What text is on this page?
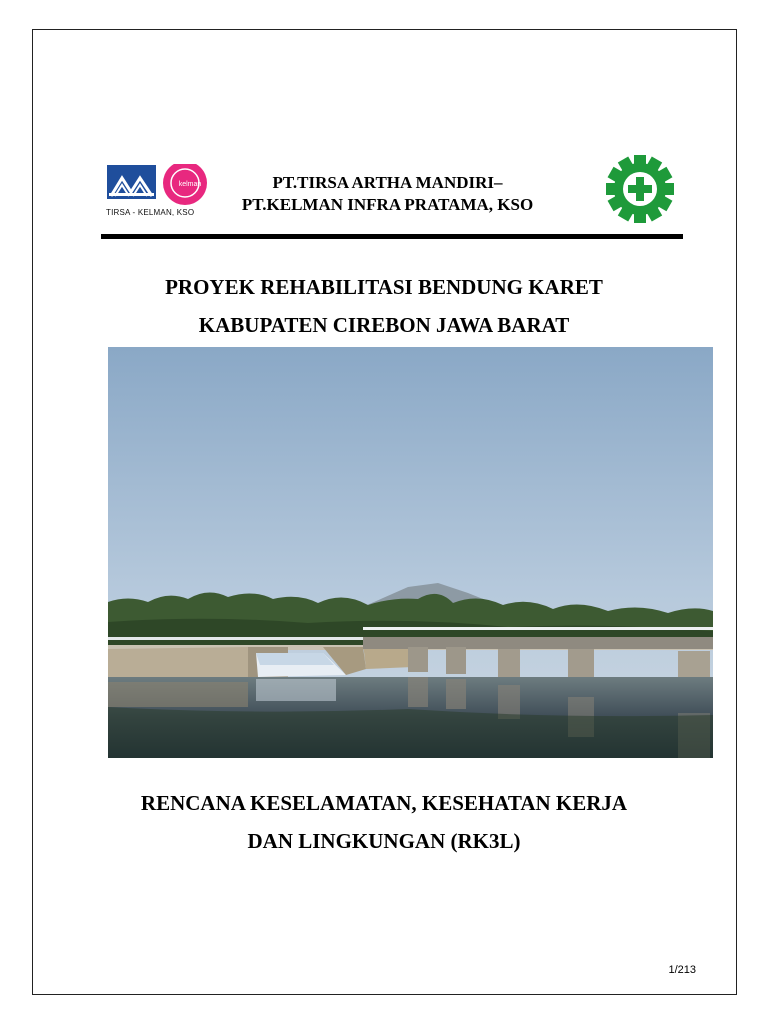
kelman
TIRSA - KELMAN, KSO
PT.TIRSA ARTHA MANDIRI–
PT.KELMAN INFRA PRATAMA, KSO
PROYEK REHABILITASI BENDUNG KARET
KABUPATEN CIREBON JAWA BARAT
RENCANA KESELAMATAN, KESEHATAN KERJA
DAN LINGKUNGAN (RK3L)
1/213
